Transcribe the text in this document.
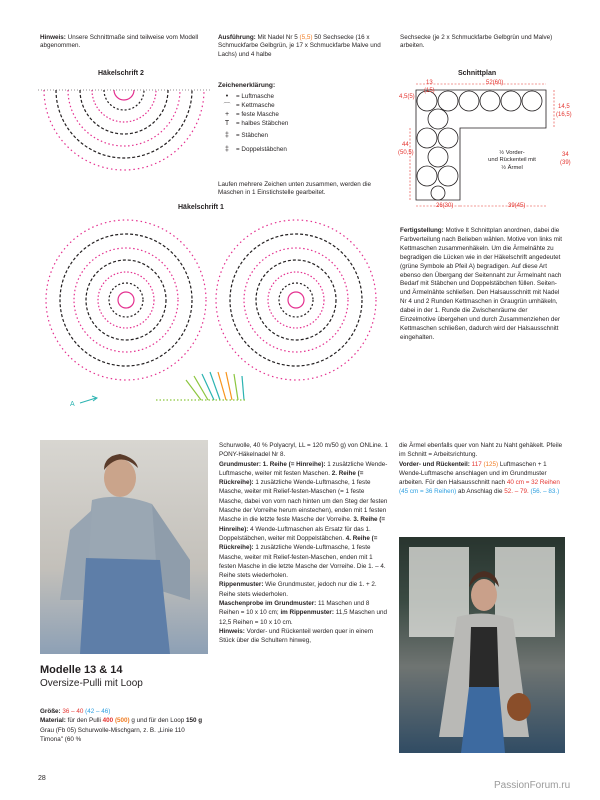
Hinweis: Unsere Schnittmaße sind teilweise vom Modell abgenommen.
Häkelschrift 2
Ausführung: Mit Nadel Nr 5 (5,5) 50 Sechsecke (16 x Schmuckfarbe Gelbgrün, je 17 x Schmuckfarbe Malve und Lachs) und 4 halbe
Zeichenerklärung:
•	= Luftmasche
⌒ = Kettmasche
+	= feste Masche
T	= halbes Stäbchen
‡	= Stäbchen
‡	= Doppelstäbchen
Laufen mehrere Zeichen unten zusammen, werden die Maschen in 1 Einstichstelle gearbeitet.
Sechsecke (je 2 x Schmuckfarbe Gelbgrün und Malve) arbeiten.
Schnittplan
13
(15)
52(60)
4,5(5)
14,5
(16,5)
44
(50,5)	34
(39)
26(30)	39(45)
½ Vorder-
und Rückenteil mit
½ Ärmel
Fertigstellung: Motive lt Schnittplan anordnen, dabei die Farbverteilung nach Belieben wählen. Motive von links mit Kettmaschen zusammenhäkeln. Um die Ärmelnähte zu begradigen die Lücken wie in der Häkelschrift angedeutet (grüne Symbole ab Pfeil A) begradigen. Auf diese Art ebenso den Übergang der Seitennaht zur Ärmelnaht nach Bedarf mit Stäbchen und Doppelstäbchen füllen. Seiten- und Ärmelnähte schließen. Den Halsausschnitt mit Nadel Nr 4 und 2 Runden Kettmaschen in Graugrün umhäkeln, dabei in der 1. Runde die Zwischenräume der Einzelmotive übergehen und durch Zusammenziehen der Kettmaschen schließen, dadurch wird der Halsausschnitt eingehalten.
Häkelschrift 1
A
Modelle 13 & 14
Oversize-Pulli mit Loop
Größe: 36 – 40 (42 – 46)
Material: für den Pulli 400 (500) g und für den Loop 150 g Grau (Fb 05) Schurwolle-Mischgarn, z. B. „Linie 110 Timona" (60 %
Schurwolle, 40 % Polyacryl, LL = 120 m/50 g) von ONLine. 1 PONY-Häkelnadel Nr 8.
Grundmuster: 1. Reihe (= Hinreihe): 1 zusätzliche Wende-Luftmasche, weiter mit festen Maschen. 2. Reihe (= Rückreihe): 1 zusätzliche Wende-Luftmasche, 1 feste Masche, weiter mit Relief-festen-Maschen (= 1 feste Masche, dabei von vorn nach hinten um den Steg der festen Masche der Vorreihe herum einstechen), enden mit 1 festen Masche in die letzte feste Masche der Vorreihe. 3. Reihe (= Hinreihe): 4 Wende-Luftmaschen als Ersatz für das 1. Doppelstäbchen, weiter mit Doppelstäbchen. 4. Reihe (= Rückreihe): 1 zusätzliche Wende-Luftmasche, 1 feste Masche, weiter mit Relief-festen-Maschen, enden mit 1 festen Masche in die letzte Masche der Vorreihe. Die 1. – 4. Reihe stets wiederholen.
Rippenmuster: Wie Grundmuster, jedoch nur die 1. + 2. Reihe stets wiederholen.
Maschenprobe im Grundmuster: 11 Maschen und 8 Reihen = 10 x 10 cm; im Rippenmuster: 11,5 Maschen und 12,5 Reihen = 10 x 10 cm.
Hinweis: Vorder- und Rückenteil werden quer in einem Stück über die Schultern hinweg,
die Ärmel ebenfalls quer von Naht zu Naht gehäkelt. Pfeile im Schnitt = Arbeitsrichtung.
Vorder- und Rückenteil: 117 (125) Luftmaschen + 1 Wende-Luftmasche anschlagen und im Grundmuster arbeiten. Für den Halsausschnitt nach 40 cm = 32 Reihen (45 cm = 36 Reihen) ab Anschlag die 52. – 79. (56. – 83.)
28
PassionForum.ru
